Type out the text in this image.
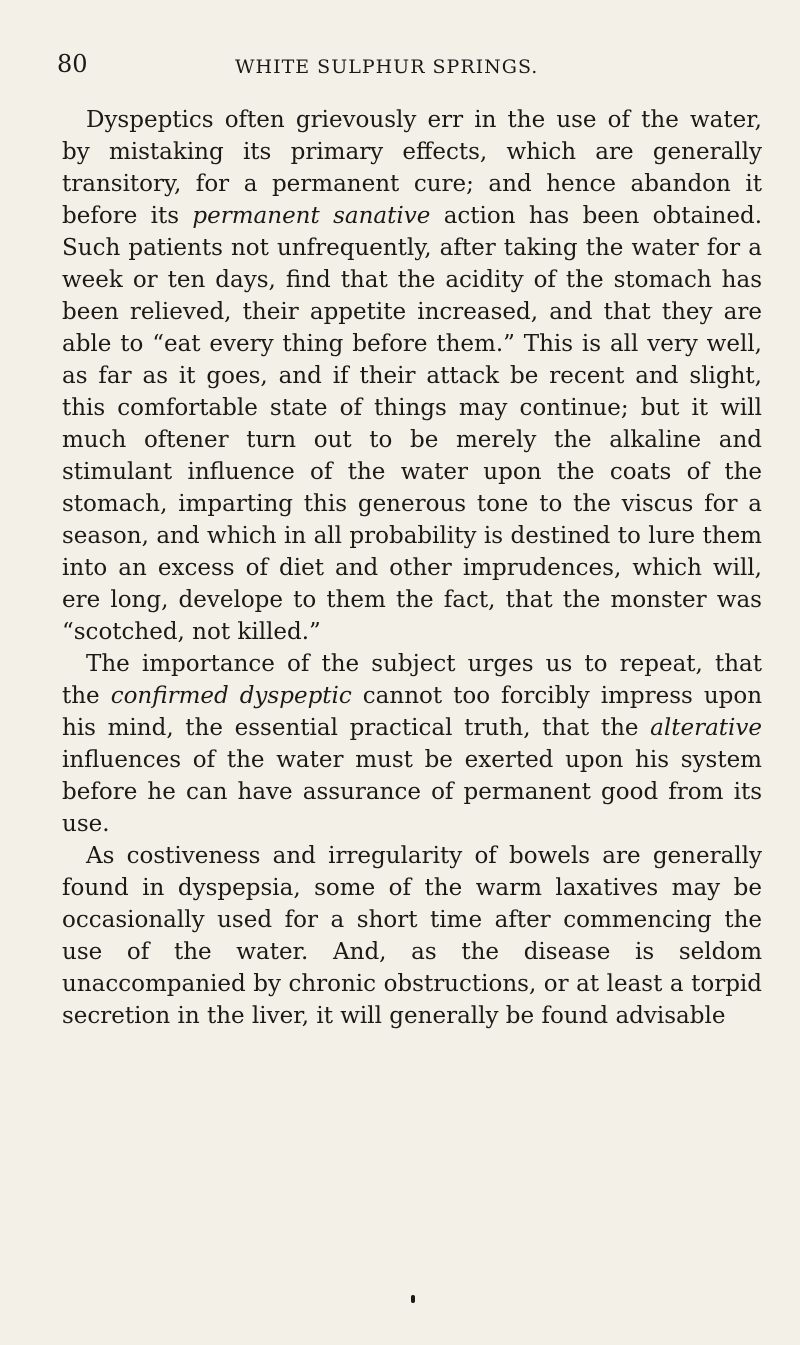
80	WHITE SULPHUR SPRINGS.

Dyspeptics often grievously err in the use of the water, by mistaking its primary effects, which are generally transitory, for a permanent cure; and hence abandon it before its permanent sanative action has been obtained. Such patients not unfrequently, after taking the water for a week or ten days, find that the acidity of the stomach has been relieved, their appetite increased, and that they are able to “eat every thing before them.” This is all very well, as far as it goes, and if their attack be recent and slight, this comfortable state of things may continue; but it will much oftener turn out to be merely the alkaline and stimulant influence of the water upon the coats of the stomach, imparting this generous tone to the viscus for a season, and which in all probability is destined to lure them into an excess of diet and other imprudences, which will, ere long, develope to them the fact, that the monster was “scotched, not killed.”

The importance of the subject urges us to repeat, that the confirmed dyspeptic cannot too forcibly impress upon his mind, the essential practical truth, that the alterative influences of the water must be exerted upon his system before he can have assurance of permanent good from its use.

As costiveness and irregularity of bowels are generally found in dyspepsia, some of the warm laxatives may be occasionally used for a short time after commencing the use of the water. And, as the disease is seldom unaccompanied by chronic obstructions, or at least a torpid secretion in the liver, it will generally be found advisable
